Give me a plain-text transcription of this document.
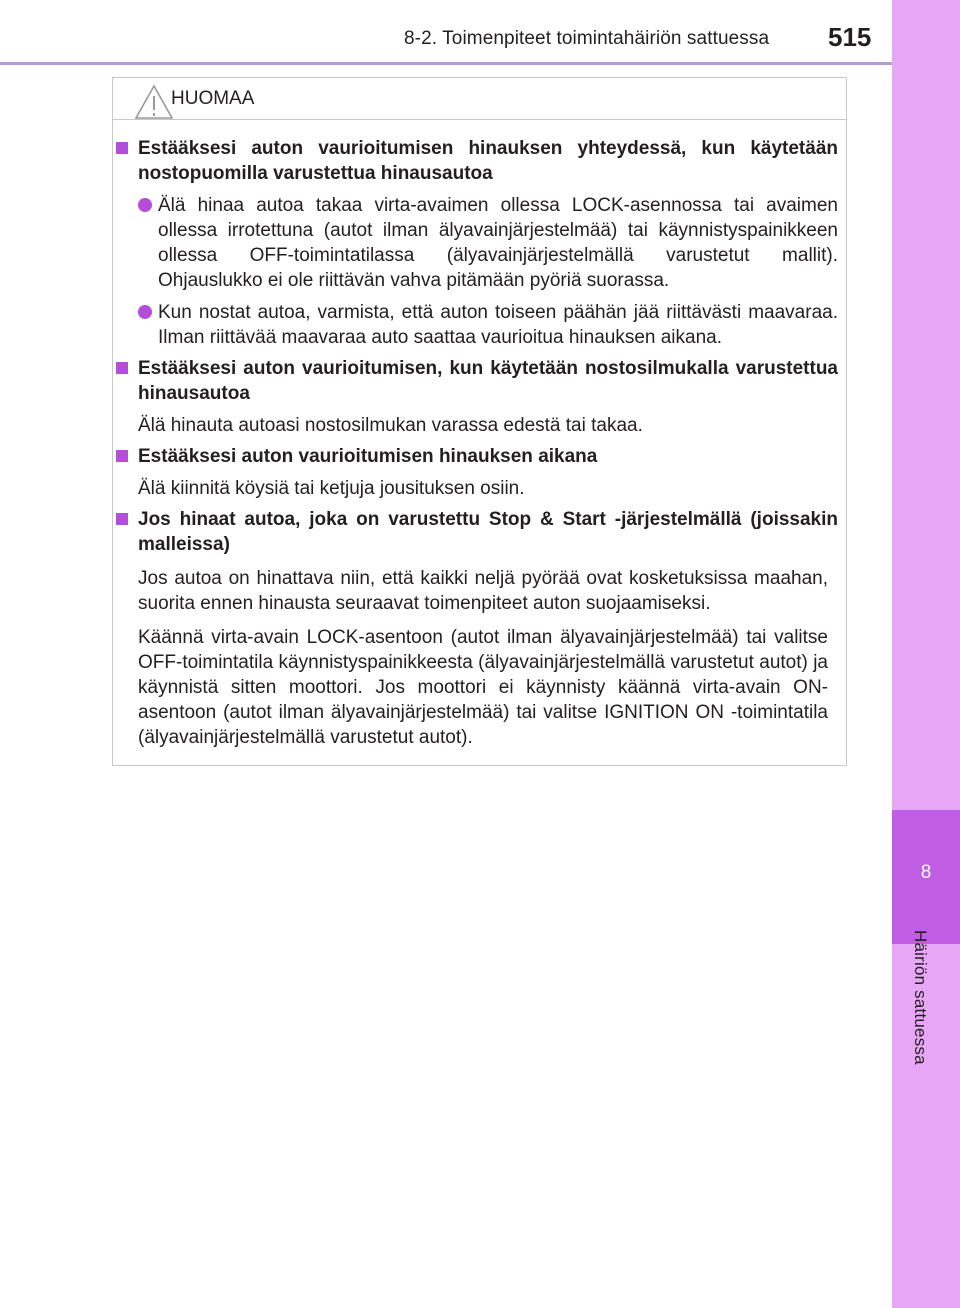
8-2. Toimenpiteet toimintahäiriön sattuessa 515
8
Häiriön sattuessa
HUOMAA
Estääksesi auton vaurioitumisen hinauksen yhteydessä, kun käytetään nostopuomilla varustettua hinausautoa
Älä hinaa autoa takaa virta-avaimen ollessa LOCK-asennossa tai avaimen ollessa irrotettuna (autot ilman älyavainjärjestelmää) tai käynnistyspainikkeen ollessa OFF-toimintatilassa (älyavainjärjestelmällä varustetut mallit). Ohjauslukko ei ole riittävän vahva pitämään pyöriä suorassa.
Kun nostat autoa, varmista, että auton toiseen päähän jää riittävästi maavaraa. Ilman riittävää maavaraa auto saattaa vaurioitua hinauksen aikana.
Estääksesi auton vaurioitumisen, kun käytetään nostosilmukalla varustettua hinausautoa
Älä hinauta autoasi nostosilmukan varassa edestä tai takaa.
Estääksesi auton vaurioitumisen hinauksen aikana
Älä kiinnitä köysiä tai ketjuja jousituksen osiin.
Jos hinaat autoa, joka on varustettu Stop & Start -järjestelmällä (joissakin malleissa)
Jos autoa on hinattava niin, että kaikki neljä pyörää ovat kosketuksissa maahan, suorita ennen hinausta seuraavat toimenpiteet auton suojaamiseksi.
Käännä virta-avain LOCK-asentoon (autot ilman älyavainjärjestelmää) tai valitse OFF-toimintatila käynnistyspainikkeesta (älyavainjärjestelmällä varustetut autot) ja käynnistä sitten moottori. Jos moottori ei käynnisty käännä virta-avain ON-asentoon (autot ilman älyavainjärjestelmää) tai valitse IGNITION ON -toimintatila (älyavainjärjestelmällä varustetut autot).
